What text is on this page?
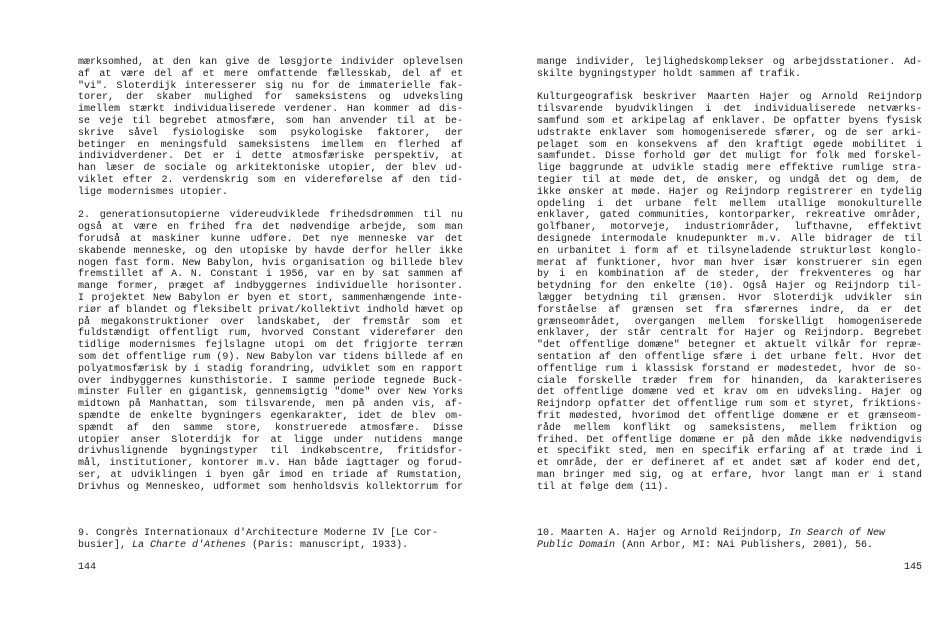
mærksomhed, at den kan give de løsgjorte individer oplevelsen
af at være del af et mere omfattende fællesskab, del af et
"vi". Sloterdijk interesserer sig nu for de immaterielle fak-
torer, der skaber mulighed for sameksistens og udveksling
imellem stærkt individualiserede verdener. Han kommer ad dis-
se veje til begrebet atmosfære, som han anvender til at be-
skrive såvel fysiologiske som psykologiske faktorer, der
betinger en meningsfuld sameksistens imellem en flerhed af
individverdener. Det er i dette atmosfæriske perspektiv, at
han læser de sociale og arkitektoniske utopier, der blev ud-
viklet efter 2. verdenskrig som en videreførelse af den tid-
lige modernismes utopier.
2. generationsutopierne videreudviklede frihedsdrømmen til nu
også at være en frihed fra det nødvendige arbejde, som man
forudså at maskiner kunne udføre. Det nye menneske var det
skabende menneske, og den utopiske by havde derfor heller ikke
nogen fast form. New Babylon, hvis organisation og billede blev
fremstillet af A. N. Constant i 1956, var en by sat sammen af
mange former, præget af indbyggernes individuelle horisonter.
I projektet New Babylon er byen et stort, sammenhængende inte-
riør af blandet og fleksibelt privat/kollektivt indhold hævet op
på megakonstruktioner over landskabet, der fremstår som et
fuldstændigt offentligt rum, hvorved Constant viderefører den
tidlige modernismes fejlslagne utopi om det frigjorte terræn
som det offentlige rum (9). New Babylon var tidens billede af en
polyatmosfærisk by i stadig forandring, udviklet som en rapport
over indbyggernes kunsthistorie. I samme periode tegnede Buck-
minster Fuller en gigantisk, gennemsigtig "dome" over New Yorks
midtown på Manhattan, som tilsvarende, men på anden vis, af-
spændte de enkelte bygningers egenkarakter, idet de blev om-
spændt af den samme store, konstruerede atmosfære. Disse
utopier anser Sloterdijk for at ligge under nutidens mange
drivhuslignende bygningstyper til indkøbscentre, fritidsfor-
mål, institutioner, kontorer m.v. Han både iagttager og forud-
ser, at udviklingen i byen går imod en triade af Rumstation,
Drivhus og Menneskeo, udformet som henholdsvis kollektorrum for
9. Congrès Internationaux d'Architecture Moderne IV [Le Cor-
busier], La Charte d'Athenes (Paris: manuscript, 1933).
144
mange individer, lejlighedskomplekser og arbejdsstationer. Ad-
skilte bygningstyper holdt sammen af trafik.
Kulturgeografisk beskriver Maarten Hajer og Arnold Reijndorp
tilsvarende byudviklingen i det individualiserede netværks-
samfund som et arkipelag af enklaver. De opfatter byens fysisk
udstrakte enklaver som homogeniserede sfærer, og de ser arki-
pelaget som en konsekvens af den kraftigt øgede mobilitet i
samfundet. Disse forhold gør det muligt for folk med forskel-
lige baggrunde at udvikle stadig mere effektive rumlige stra-
tegier til at møde det, de ønsker, og undgå det og dem, de
ikke ønsker at møde. Hajer og Reijndorp registrerer en tydelig
opdeling i det urbane felt mellem utallige monokulturelle
enklaver, gated communities, kontorparker, rekreative områder,
golfbaner, motorveje, industriområder, lufthavne, effektivt
designede intermodale knudepunkter m.v. Alle bidrager de til
en urbanitet i form af et tilsyneladende strukturløst konglo-
merat af funktioner, hvor man hver især konstruerer sin egen
by i en kombination af de steder, der frekventeres og har
betydning for den enkelte (10). Også Hajer og Reijndorp til-
lægger betydning til grænsen. Hvor Sloterdijk udvikler sin
forståelse af grænsen set fra sfærernes indre, da er det
grænseområdet, overgangen mellem forskelligt homogeniserede
enklaver, der står centralt for Hajer og Reijndorp. Begrebet
"det offentlige domæne" betegner et aktuelt vilkår for repræ-
sentation af den offentlige sfære i det urbane felt. Hvor det
offentlige rum i klassisk forstand er mødestedet, hvor de so-
ciale forskelle træder frem for hinanden, da karakteriseres
det offentlige domæne ved et krav om en udveksling. Hajer og
Reijndorp opfatter det offentlige rum som et styret, friktions-
frit mødested, hvorimod det offentlige domæne er et grænseom-
råde mellem konflikt og sameksistens, mellem friktion og
frihed. Det offentlige domæne er på den måde ikke nødvendigvis
et specifikt sted, men en specifik erfaring af at træde ind i
et område, der er defineret af et andet sæt af koder end det,
man bringer med sig, og at erfare, hvor langt man er i stand
til at følge dem (11).
10. Maarten A. Hajer og Arnold Reijndorp, In Search of New
Public Domain (Ann Arbor, MI: NAi Publishers, 2001), 56.
145
